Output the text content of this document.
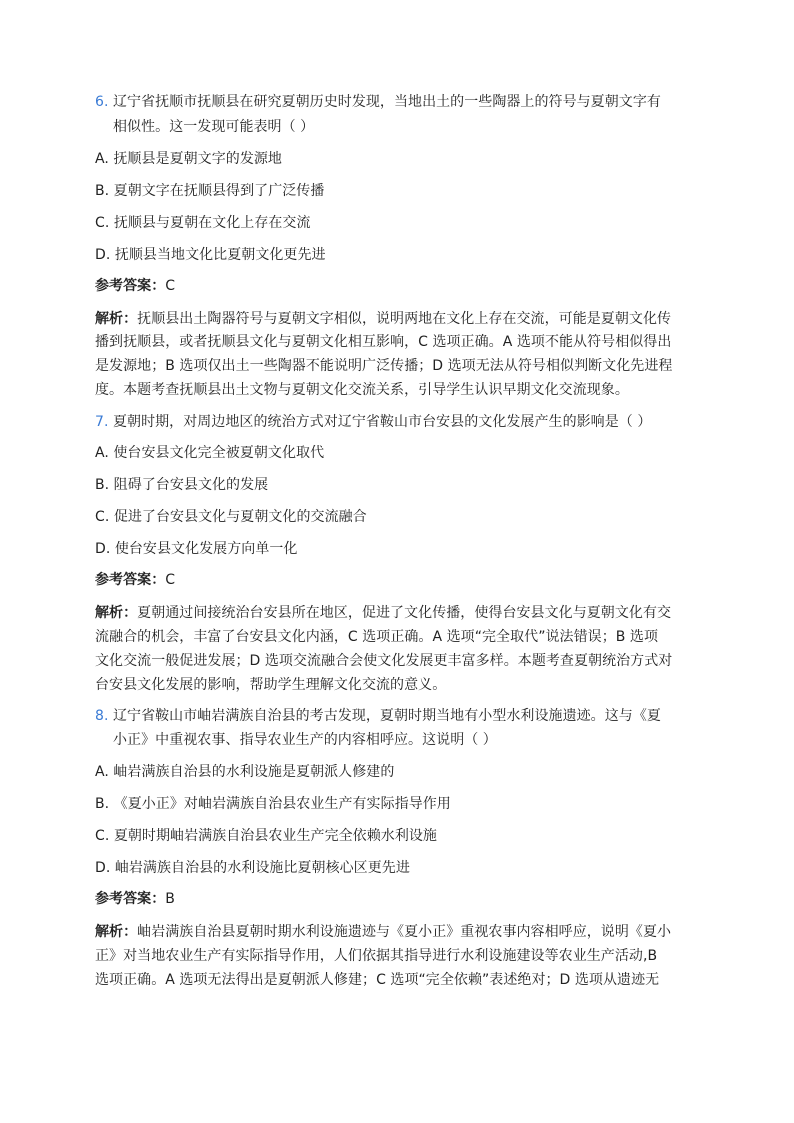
6. 辽宁省抚顺市抚顺县在研究夏朝历史时发现，当地出土的一些陶器上的符号与夏朝文字有
相似性。这一发现可能表明（ ）
A. 抚顺县是夏朝文字的发源地
B. 夏朝文字在抚顺县得到了广泛传播
C. 抚顺县与夏朝在文化上存在交流
D. 抚顺县当地文化比夏朝文化更先进
参考答案：C
解析：抚顺县出土陶器符号与夏朝文字相似，说明两地在文化上存在交流，可能是夏朝文化传
播到抚顺县，或者抚顺县文化与夏朝文化相互影响，C 选项正确。A 选项不能从符号相似得出
是发源地；B 选项仅出土一些陶器不能说明广泛传播；D 选项无法从符号相似判断文化先进程
度。本题考查抚顺县出土文物与夏朝文化交流关系，引导学生认识早期文化交流现象。
7. 夏朝时期，对周边地区的统治方式对辽宁省鞍山市台安县的文化发展产生的影响是（ ）
A. 使台安县文化完全被夏朝文化取代
B. 阻碍了台安县文化的发展
C. 促进了台安县文化与夏朝文化的交流融合
D. 使台安县文化发展方向单一化
参考答案：C
解析：夏朝通过间接统治台安县所在地区，促进了文化传播，使得台安县文化与夏朝文化有交
流融合的机会，丰富了台安县文化内涵，C 选项正确。A 选项“完全取代”说法错误；B 选项
文化交流一般促进发展；D 选项交流融合会使文化发展更丰富多样。本题考查夏朝统治方式对
台安县文化发展的影响，帮助学生理解文化交流的意义。
8. 辽宁省鞍山市岫岩满族自治县的考古发现，夏朝时期当地有小型水利设施遗迹。这与《夏
小正》中重视农事、指导农业生产的内容相呼应。这说明（ ）
A. 岫岩满族自治县的水利设施是夏朝派人修建的
B. 《夏小正》对岫岩满族自治县农业生产有实际指导作用
C. 夏朝时期岫岩满族自治县农业生产完全依赖水利设施
D. 岫岩满族自治县的水利设施比夏朝核心区更先进
参考答案：B
解析：岫岩满族自治县夏朝时期水利设施遗迹与《夏小正》重视农事内容相呼应，说明《夏小
正》对当地农业生产有实际指导作用，人们依据其指导进行水利设施建设等农业生产活动,B
选项正确。A 选项无法得出是夏朝派人修建；C 选项“完全依赖”表述绝对；D 选项从遗迹无
